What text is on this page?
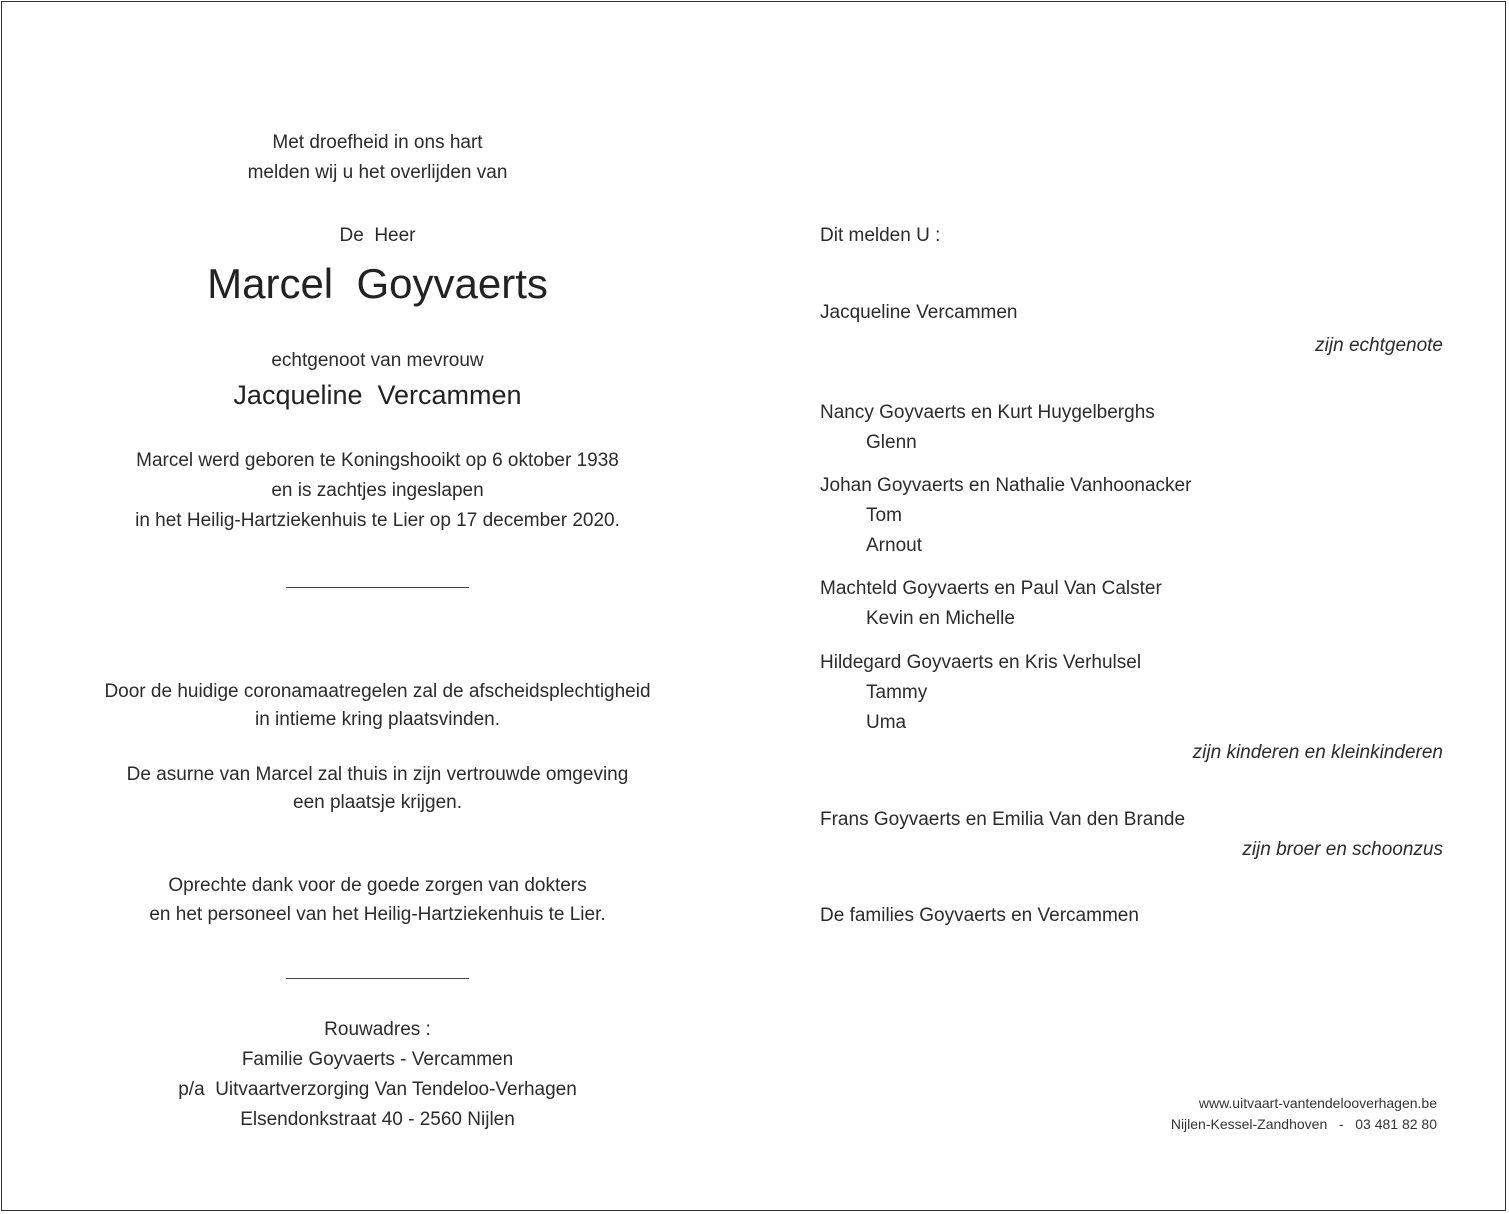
Met droefheid in ons hart
melden wij u het overlijden van
De  Heer
Marcel  Goyvaerts
echtgenoot van mevrouw
Jacqueline  Vercammen
Marcel werd geboren te Koningshooikt op 6 oktober 1938
en is zachtjes ingeslapen
in het Heilig-Hartziekenhuis te Lier op 17 december 2020.
Door de huidige coronamaatregelen zal de afscheidsplechtigheid
in intieme kring plaatsvinden.
De asurne van Marcel zal thuis in zijn vertrouwde omgeving
een plaatsje krijgen.
Oprechte dank voor de goede zorgen van dokters
en het personeel van het Heilig-Hartziekenhuis te Lier.
Rouwadres :
Familie Goyvaerts - Vercammen
p/a  Uitvaartverzorging Van Tendeloo-Verhagen
Elsendonkstraat 40 - 2560 Nijlen
Dit melden U :
Jacqueline Vercammen
zijn echtgenote
Nancy Goyvaerts en Kurt Huygelberghs
Glenn
Johan Goyvaerts en Nathalie Vanhoonacker
Tom
Arnout
Machteld Goyvaerts en Paul Van Calster
Kevin en Michelle
Hildegard Goyvaerts en Kris Verhulsel
Tammy
Uma
zijn kinderen en kleinkinderen
Frans Goyvaerts en Emilia Van den Brande
zijn broer en schoonzus
De families Goyvaerts en Vercammen
www.uitvaart-vantendelooverhagen.be
Nijlen-Kessel-Zandhoven - 03 481 82 80
